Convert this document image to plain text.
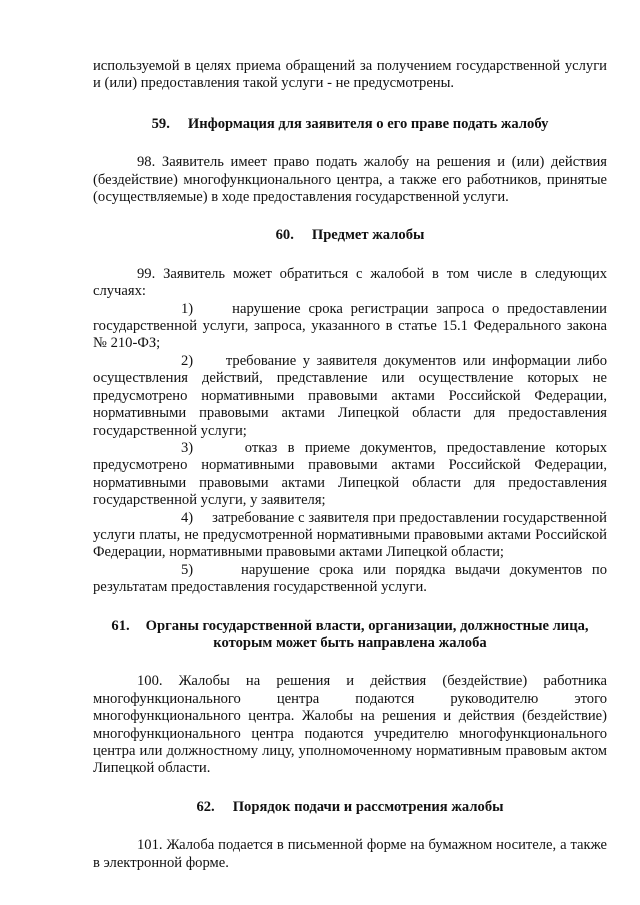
используемой в целях приема обращений за получением государственной услуги и (или) предоставления такой услуги - не предусмотрены.

59. Информация для заявителя о его праве подать жалобу

98. Заявитель имеет право подать жалобу на решения и (или) действия (бездействие) многофункционального центра, а также его работников, принятые (осуществляемые) в ходе предоставления государственной услуги.

60. Предмет жалобы

99. Заявитель может обратиться с жалобой в том числе в следующих случаях:

1)	нарушение срока регистрации запроса о предоставлении государственной услуги, запроса, указанного в статье 15.1 Федерального закона № 210-ФЗ;

2) требование у заявителя документов или информации либо осуществления действий, представление или осуществление которых не предусмотрено нормативными правовыми актами Российской Федерации, нормативными правовыми актами Липецкой области для предоставления государственной услуги;

3)	отказ в приеме документов, предоставление которых предусмотрено нормативными правовыми актами Российской Федерации, нормативными правовыми актами Липецкой области для предоставления государственной услуги, у заявителя;

4) затребование с заявителя при предоставлении государственной услуги платы, не предусмотренной нормативными правовыми актами Российской Федерации, нормативными правовыми актами Липецкой области;

5)	нарушение срока или порядка выдачи документов по результатам предоставления государственной услуги.

61. Органы государственной власти, организации, должностные лица,
которым может быть направлена жалоба

100. Жалобы на решения и действия (бездействие) работника многофункционального центра подаются руководителю этого многофункционального центра. Жалобы на решения и действия (бездействие) многофункционального центра подаются учредителю многофункционального центра или должностному лицу, уполномоченному нормативным правовым актом Липецкой области.

62. Порядок подачи и рассмотрения жалобы

101. Жалоба подается в письменной форме на бумажном носителе, а также в электронной форме.
